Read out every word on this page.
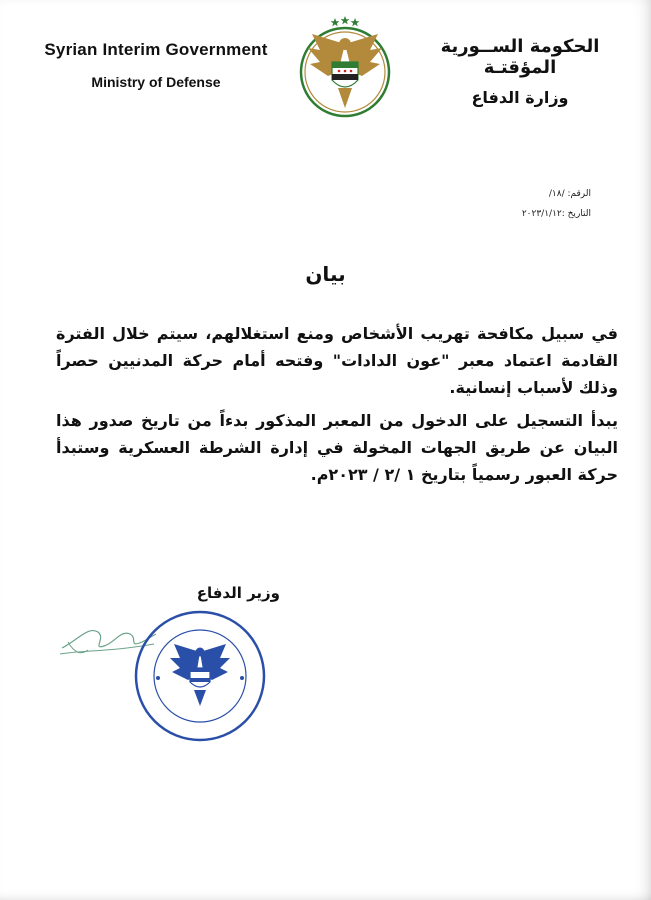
Syrian Interim Government
Ministry of Defense
الحكومة الســورية المؤقتـة
وزارة الدفاع
الرقم: /١٨/
التاريخ :٢٠٢٣/١/١٢
بيان

في سبيل مكافحة تهريب الأشخاص ومنع استغلالهم، سيتم خلال الفترة القادمة اعتماد معبر "عون الدادات" وفتحه أمام حركة المدنيين حصراً وذلك لأسباب إنسانية.

يبدأ التسجيل على الدخول من المعبر المذكور بدءاً من تاريخ صدور هذا البيان عن طريق الجهات المخولة في إدارة الشرطة العسكرية وستبدأ حركة العبور رسمياً بتاريخ ١ /٢ / ٢٠٢٣م.

وزير الدفاع
